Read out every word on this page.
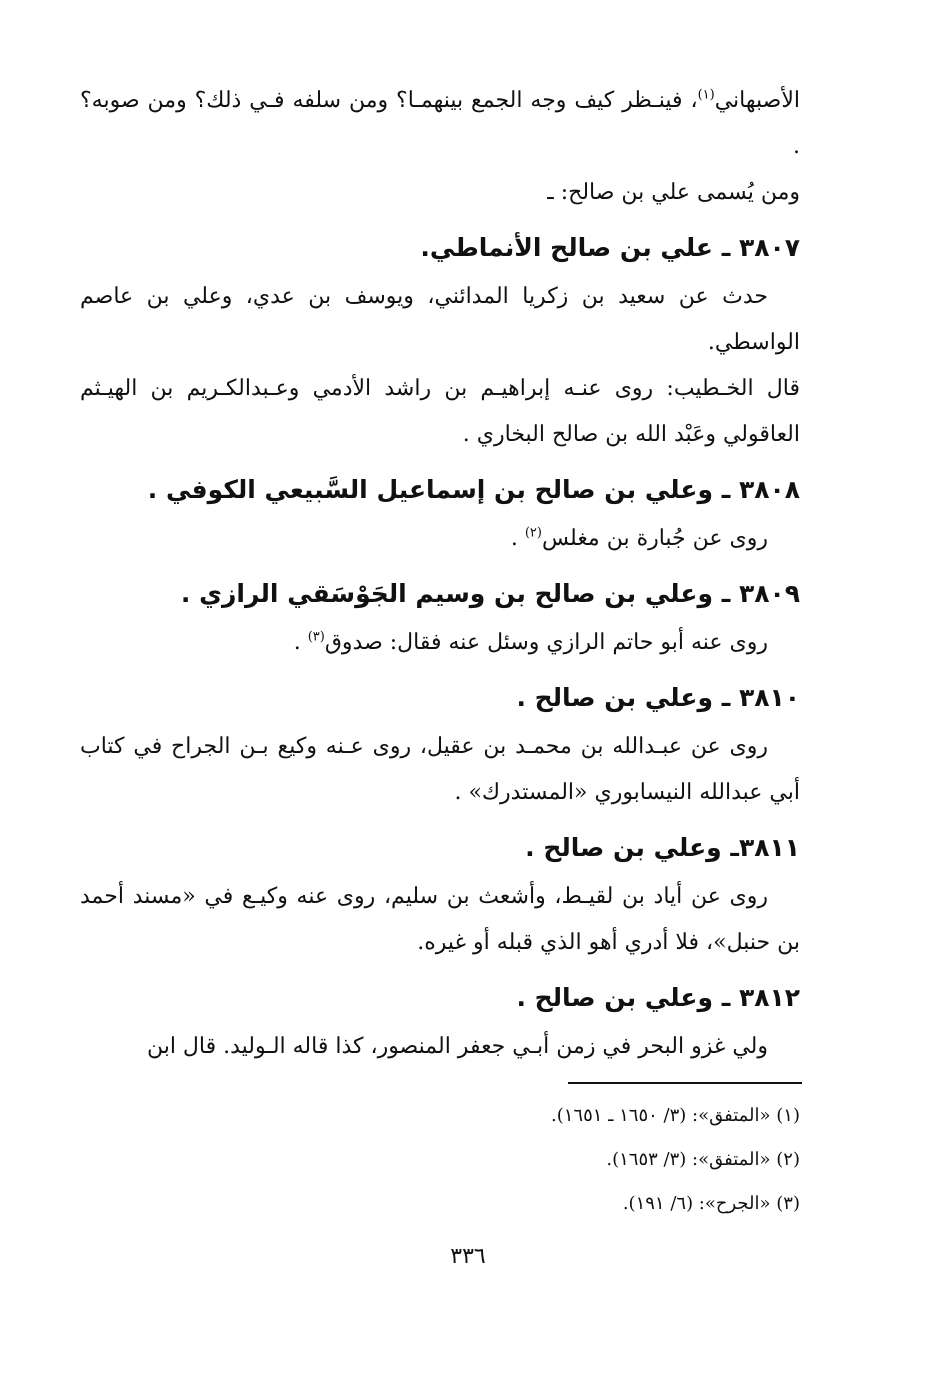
الأصبهاني$^{(١)}$، فينـظر كيف وجه الجمع بينهمـا؟ ومن سلفه فـي ذلك؟ ومن صوبه؟ .

ومن يُسمى علي بن صالح: ـ

٣٨٠٧ ـ علي بن صالح الأنماطي.

حدث عن سعيد بن زكريا المدائني، ويوسف بن عدي، وعلي بن عاصم الواسطي.

قال الخـطيب: روى عنـه إبراهيـم بن راشد الأدمي وعـبدالكـريم بن الهيـثم العاقولي وعَبْد الله بن صالح البخاري .

٣٨٠٨ ـ وعلي بن صالح بن إسماعيل السَّبيعي الكوفي .

روى عن جُبارة بن مغلس$^{(٢)}$ .

٣٨٠٩ ـ وعلي بن صالح بن وسيم الجَوْسَقي الرازي .

روى عنه أبو حاتم الرازي وسئل عنه فقال: صدوق$^{(٣)}$ .

٣٨١٠ ـ وعلي بن صالح .

روى عن عبـدالله بن محمـد بن عقيل، روى عـنه وكيع بـن الجراح في كتاب أبي عبدالله النيسابوري «المستدرك» .

٣٨١١ـ وعلي بن صالح .

روى عن أياد بن لقيـط، وأشعث بن سليم، روى عنه وكيـع في «مسند أحمد بن حنبل»، فلا أدري أهو الذي قبله أو غيره.

٣٨١٢ ـ وعلي بن صالح .

ولي غزو البحر في زمن أبـي جعفر المنصور، كذا قاله الـوليد. قال ابن

(١) «المتفق»: (٣/ ١٦٥٠ ـ ١٦٥١).
(٢) «المتفق»: (٣/ ١٦٥٣).
(٣) «الجرح»: (٦/ ١٩١).
٣٣٦
